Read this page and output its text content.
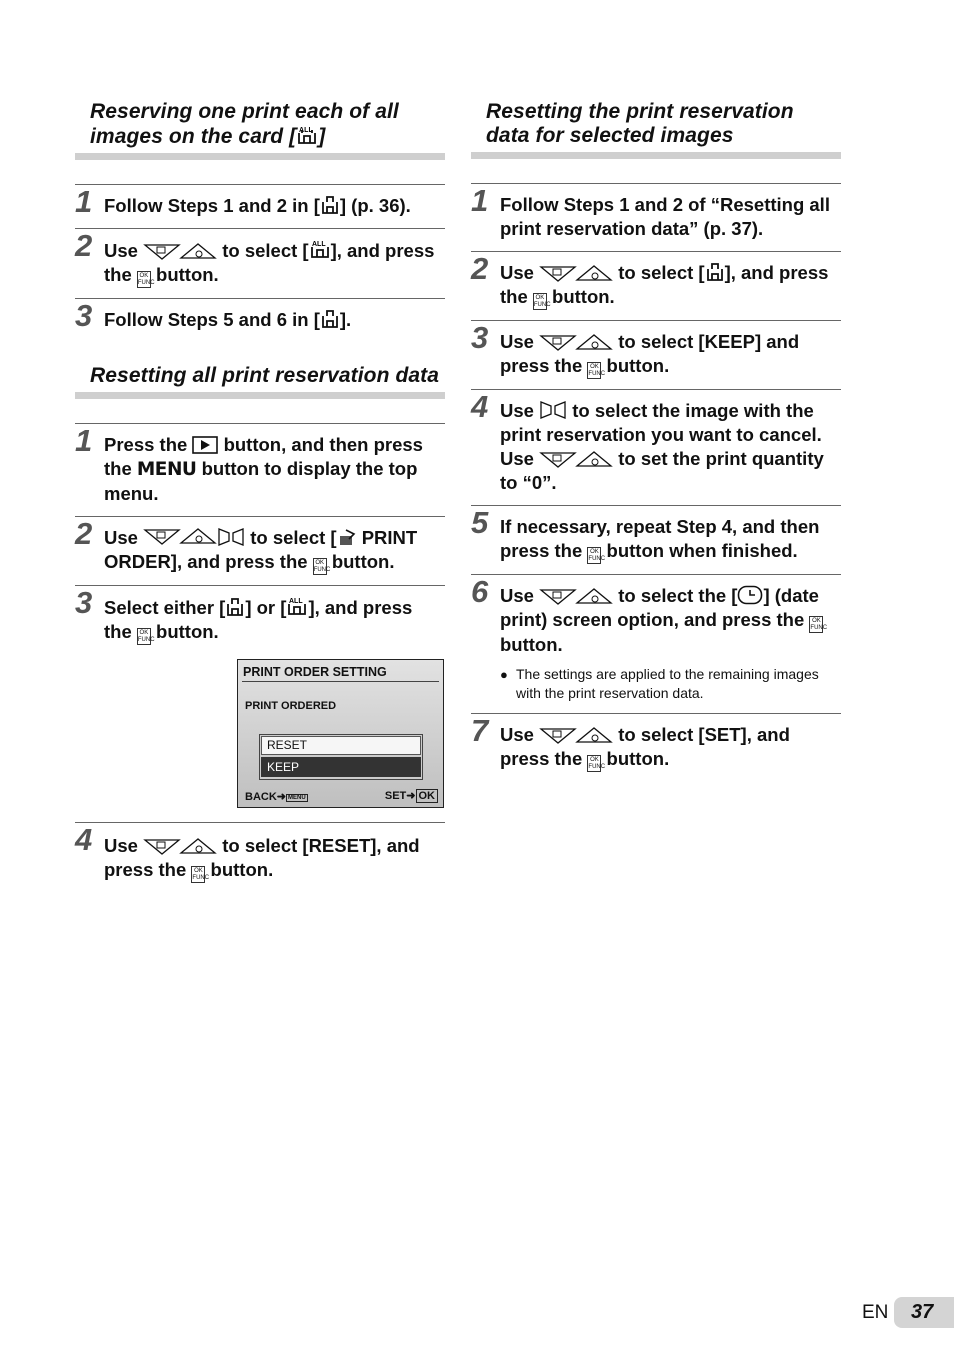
Reserving one print each of all images on the card [ ALL ]
1 Follow Steps 1 and 2 in [ ] (p. 36).
2 Use	to select [ ALL ], and press the OK
FUNC button.
3 Follow Steps 5 and 6 in [ ].
Resetting all print reservation data
1 Press the
button, and then press the MENU button to display the top menu.
2 Use	to select [
PRINT ORDER], and press the OK
FUNC button.
3 Select either [ ] or [ ALL ], and press the OK
FUNC button.
PRINT ORDER SETTING
PRINT ORDERED
RESET
KEEP
BACK➜ MENU	SET➜ OK
4 Use	to select [RESET], and press the OK
FUNC button.
Resetting the print reservation data for selected images
1 Follow Steps 1 and 2 of “Resetting all print reservation data” (p. 37).
2 Use	to select [ ], and press the OK
FUNC button.
3 Use	to select [KEEP] and press the OK
FUNC button.
4 Use
to select the image with the print reservation you want to cancel. Use	to set the print quantity to “0”.
5 If necessary, repeat Step 4, and then press the OK
FUNC button when finished.
6 Use	to select the [ ] (date print) screen option, and press the OK
FUNC button.
● The settings are applied to the remaining images with the print reservation data.
7 Use	to select [SET], and press the OK
FUNC button.
EN	37
